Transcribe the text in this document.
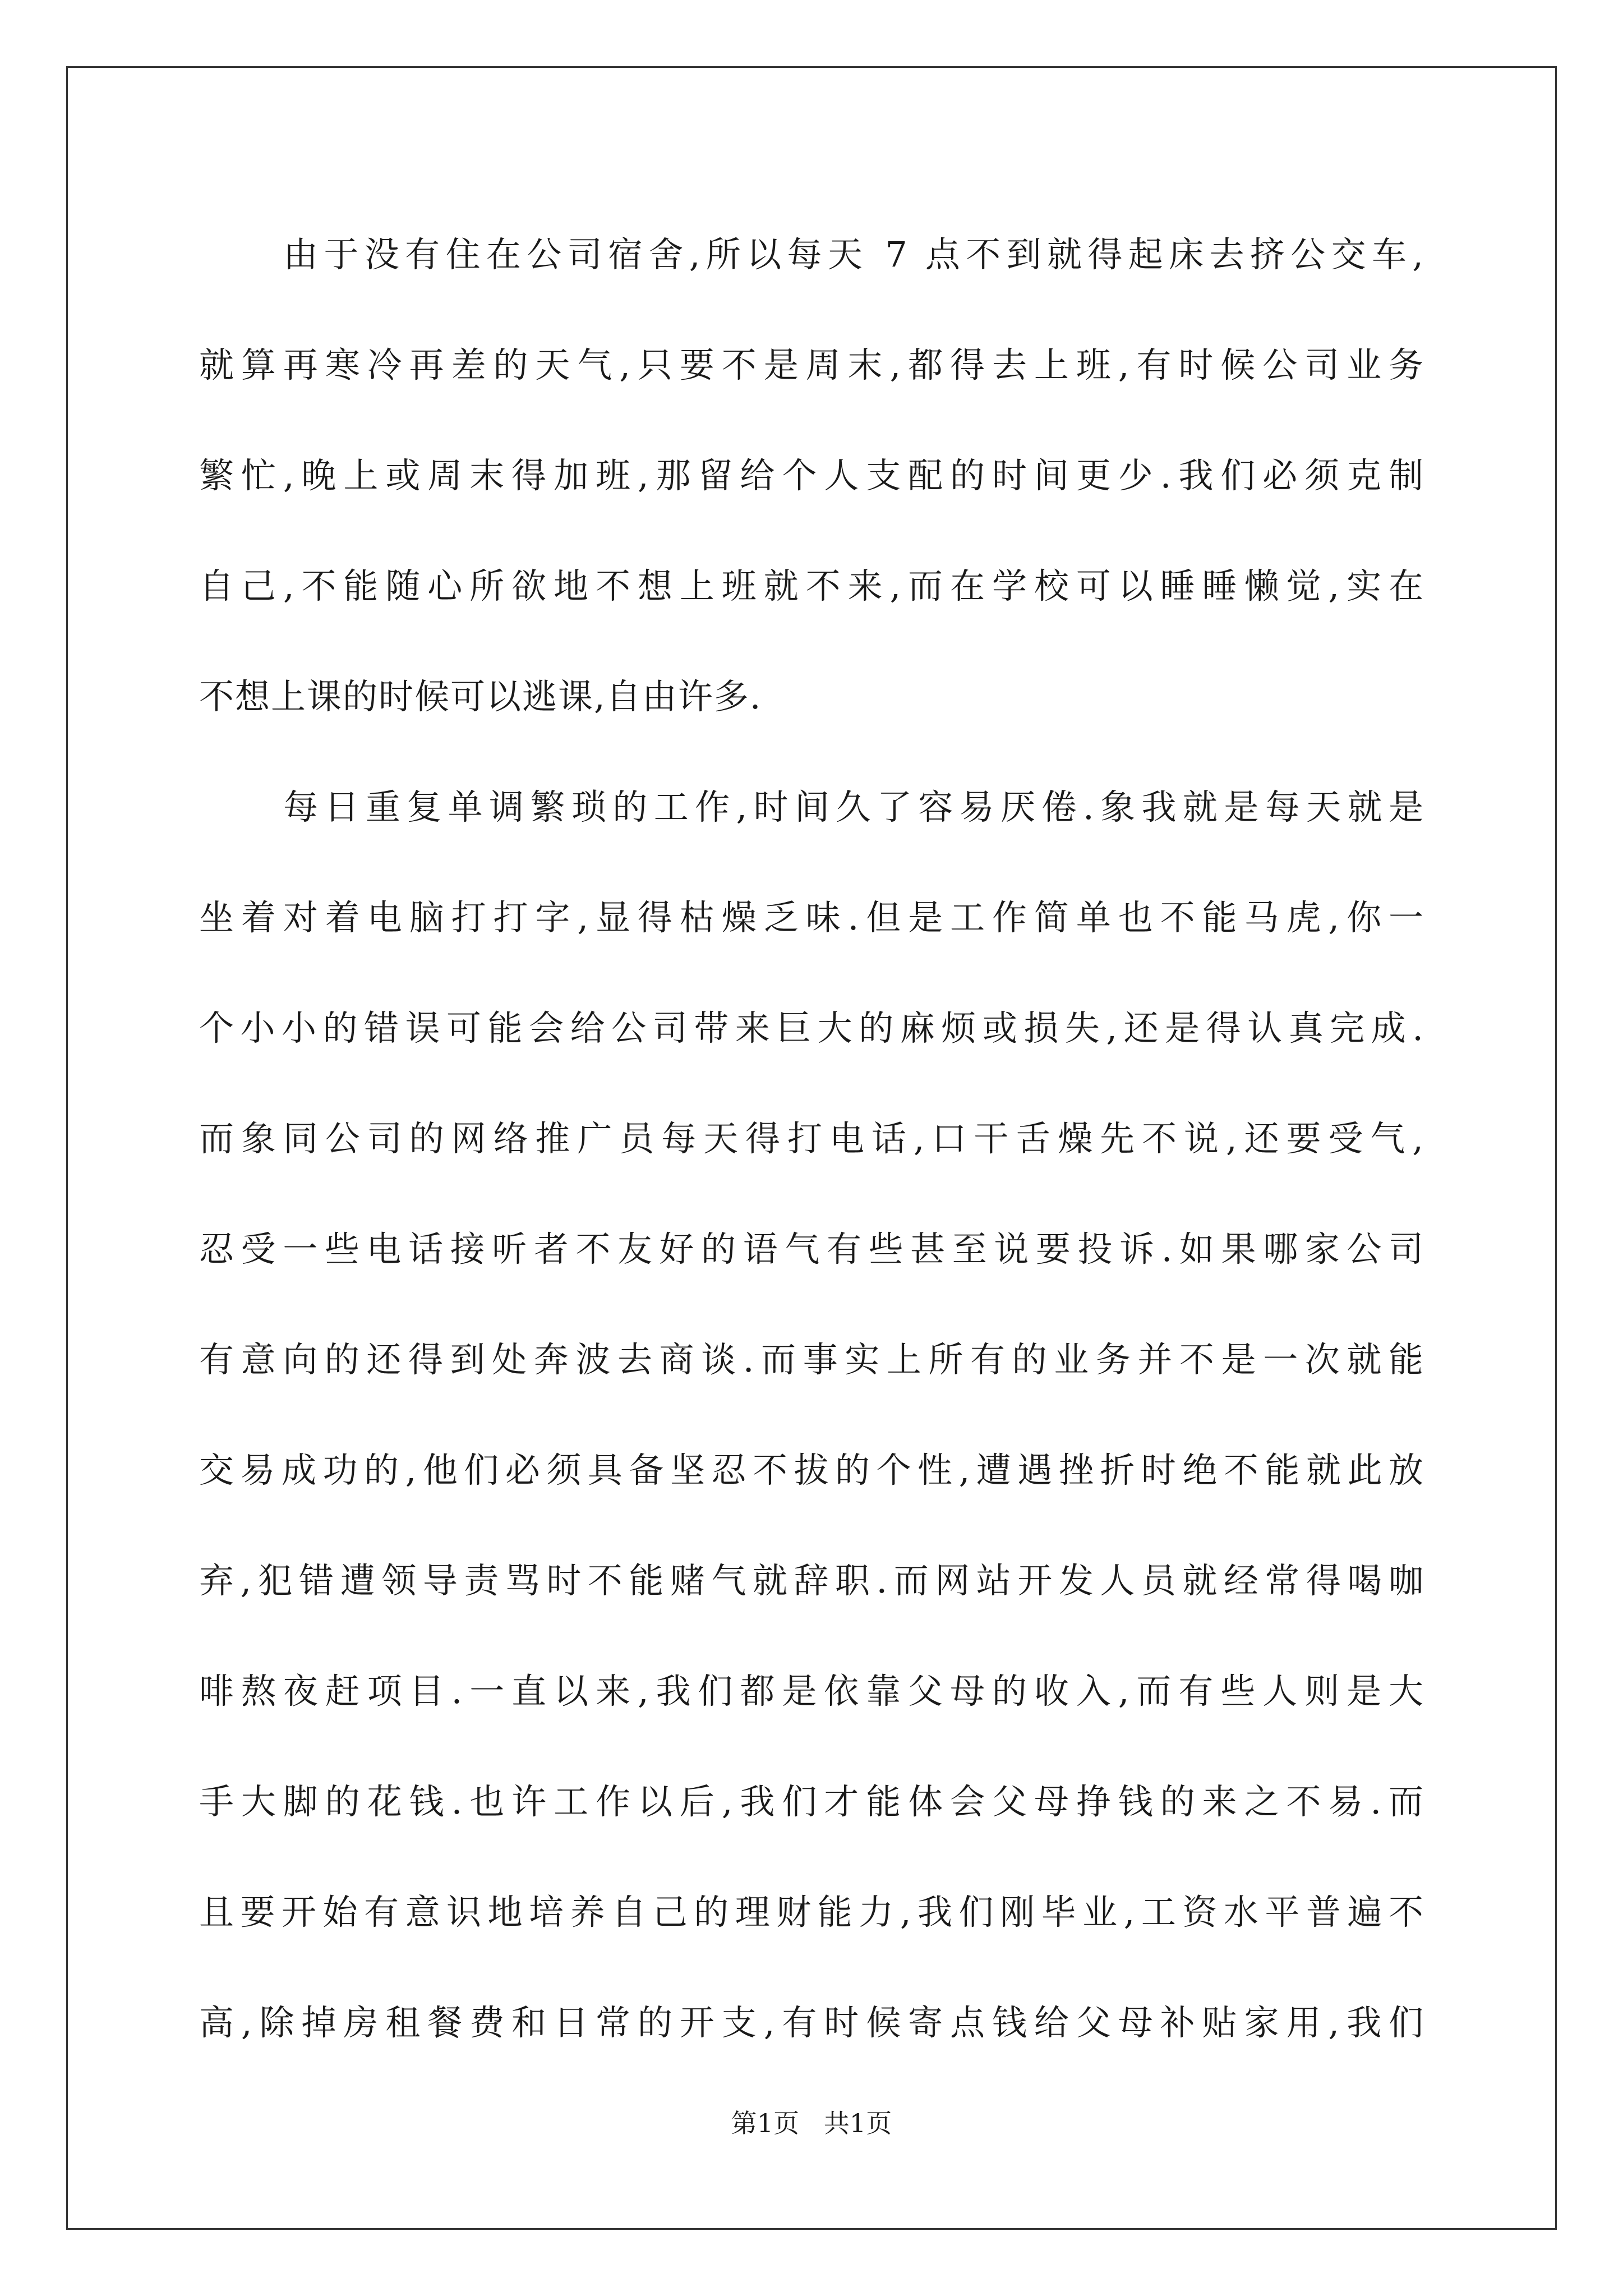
由于没有住在公司宿舍,所以每天 7 点不到就得起床去挤公交车,
就算再寒冷再差的天气,只要不是周末,都得去上班,有时候公司业务
繁忙,晚上或周末得加班,那留给个人支配的时间更少.我们必须克制
自己,不能随心所欲地不想上班就不来,而在学校可以睡睡懒觉,实在
不想上课的时候可以逃课,自由许多.
每日重复单调繁琐的工作,时间久了容易厌倦.象我就是每天就是
坐着对着电脑打打字,显得枯燥乏味.但是工作简单也不能马虎,你一
个小小的错误可能会给公司带来巨大的麻烦或损失,还是得认真完成.
而象同公司的网络推广员每天得打电话,口干舌燥先不说,还要受气,
忍受一些电话接听者不友好的语气有些甚至说要投诉.如果哪家公司
有意向的还得到处奔波去商谈.而事实上所有的业务并不是一次就能
交易成功的,他们必须具备坚忍不拔的个性,遭遇挫折时绝不能就此放
弃,犯错遭领导责骂时不能赌气就辞职.而网站开发人员就经常得喝咖
啡熬夜赶项目.一直以来,我们都是依靠父母的收入,而有些人则是大
手大脚的花钱.也许工作以后,我们才能体会父母挣钱的来之不易.而
且要开始有意识地培养自己的理财能力,我们刚毕业,工资水平普遍不
高,除掉房租餐费和日常的开支,有时候寄点钱给父母补贴家用,我们
第1页   共1页
